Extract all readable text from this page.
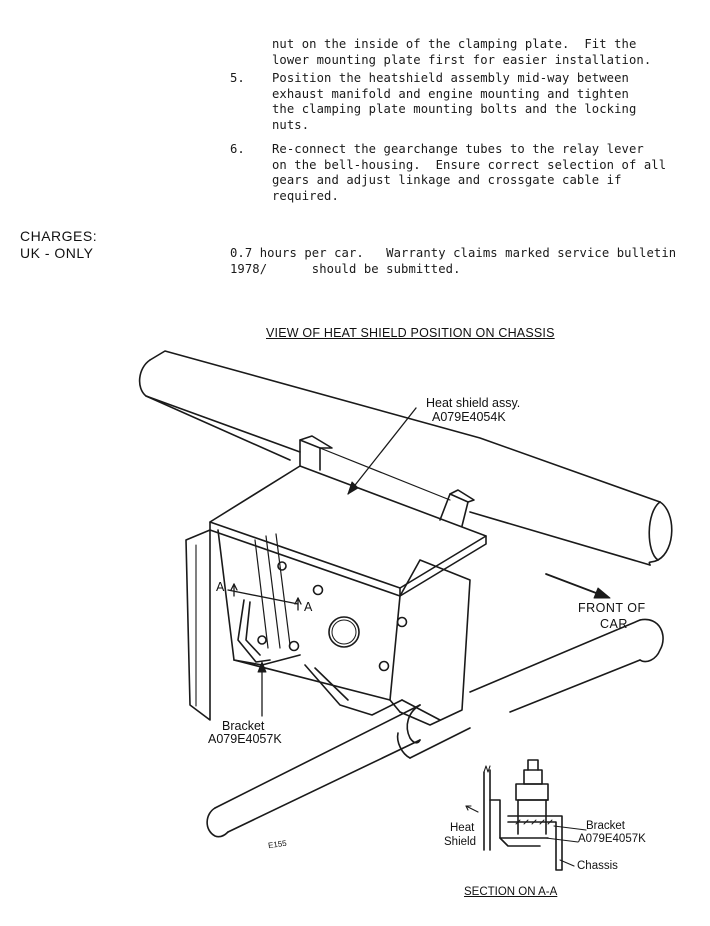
nut on the inside of the clamping plate.  Fit the
lower mounting plate first for easier installation.
5. Position the heatshield assembly mid-way between
exhaust manifold and engine mounting and tighten
the clamping plate mounting bolts and the locking
nuts.
6. Re-connect the gearchange tubes to the relay lever
on the bell-housing.  Ensure correct selection of all
gears and adjust linkage and crossgate cable if
required.
CHARGES:
UK - ONLY	0.7 hours per car.   Warranty claims marked service bulletin
1978/      should be submitted.
VIEW OF HEAT SHIELD POSITION ON CHASSIS
Heat shield assy.
A079E4054K
FRONT OF
CAR
Bracket
A079E4057K
A
A
E155
Heat
Shield
Bracket
A079E4057K
Chassis
SECTION ON A-A
